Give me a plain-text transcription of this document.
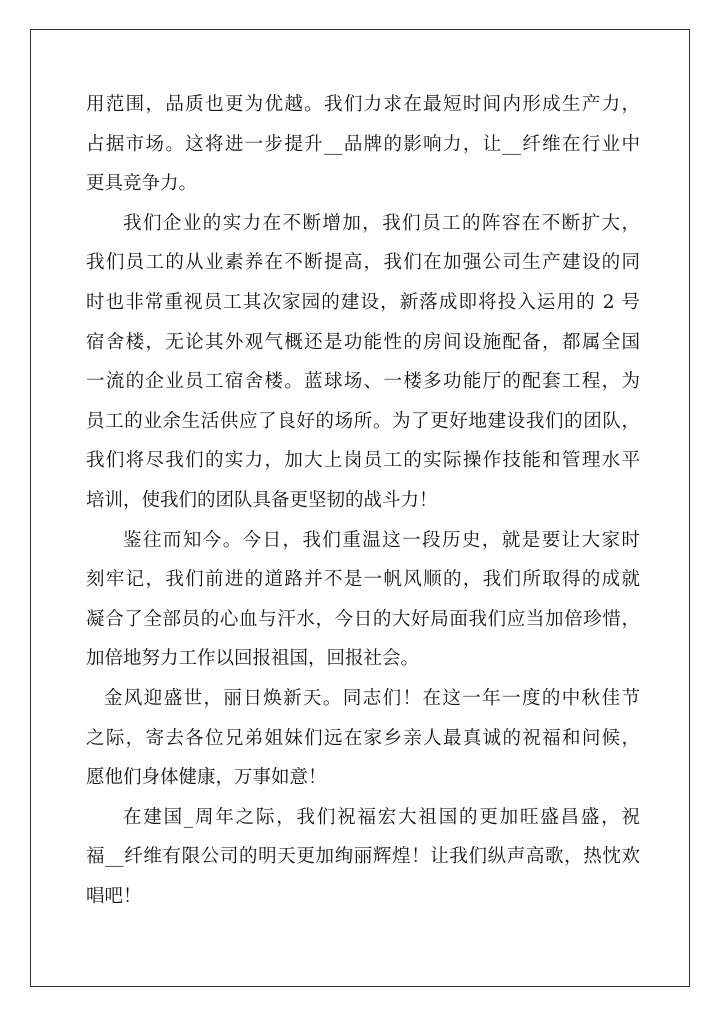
用范围，品质也更为优越。我们力求在最短时间内形成生产力，
占据市场。这将进一步提升__品牌的影响力，让__纤维在行业中
更具竞争力。
我们企业的实力在不断增加，我们员工的阵容在不断扩大，
我们员工的从业素养在不断提高，我们在加强公司生产建设的同
时也非常重视员工其次家园的建设，新落成即将投入运用的 2 号
宿舍楼，无论其外观气概还是功能性的房间设施配备，都属全国
一流的企业员工宿舍楼。蓝球场、一楼多功能厅的配套工程，为
员工的业余生活供应了良好的场所。为了更好地建设我们的团队，
我们将尽我们的实力，加大上岗员工的实际操作技能和管理水平
培训，使我们的团队具备更坚韧的战斗力！
鉴往而知今。今日，我们重温这一段历史，就是要让大家时
刻牢记，我们前进的道路并不是一帆风顺的，我们所取得的成就
凝合了全部员的心血与汗水，今日的大好局面我们应当加倍珍惜，
加倍地努力工作以回报祖国，回报社会。
金风迎盛世，丽日焕新天。同志们！在这一年一度的中秋佳节
之际，寄去各位兄弟姐妹们远在家乡亲人最真诚的祝福和问候，
愿他们身体健康，万事如意！
在建国_周年之际，我们祝福宏大祖国的更加旺盛昌盛，祝
福__纤维有限公司的明天更加绚丽辉煌！让我们纵声高歌，热忱欢
唱吧！
